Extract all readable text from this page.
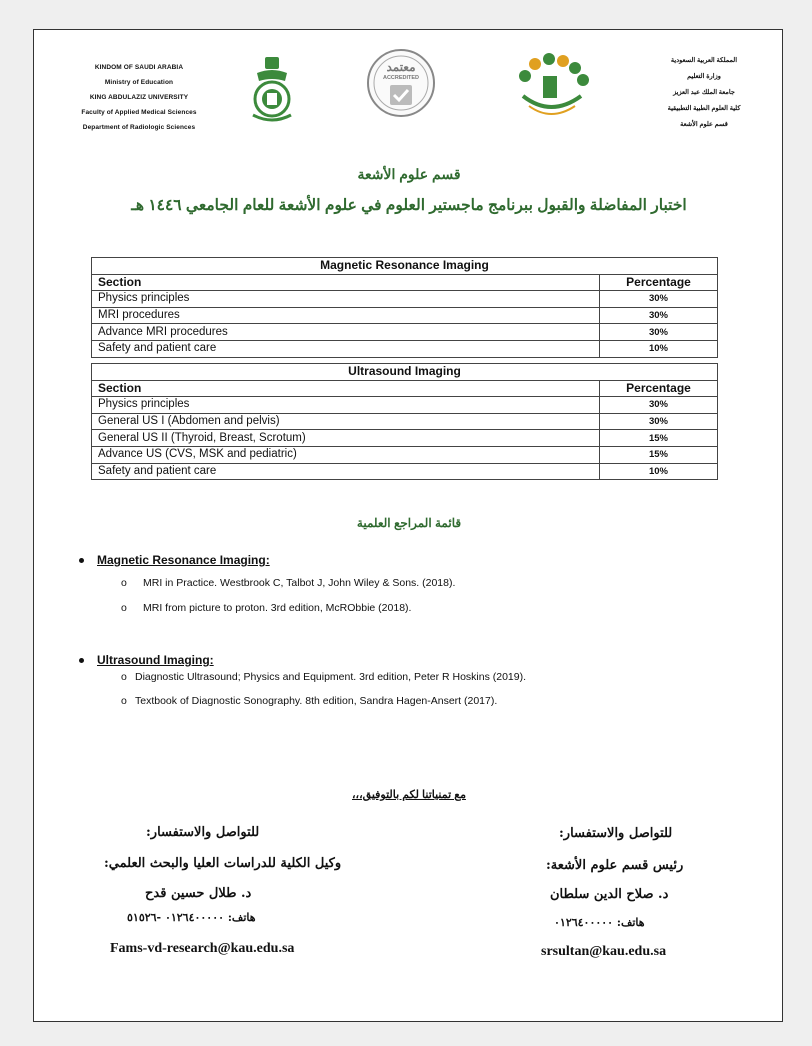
KINDOM OF SAUDI ARABIA
Ministry of Education
KING ABDULAZIZ UNIVERSITY
Faculty of Applied Medical Sciences
Department of Radiologic Sciences
معتمد
ACCREDITED
المملكة العربية السعودية
وزارة التعليم
جامعة الملك عبد العزيز
كلية العلوم الطبية التطبيقية
قسم علوم الأشعة
قسم علوم الأشعة
اختبار المفاضلة والقبول ببرنامج ماجستير العلوم في علوم الأشعة للعام الجامعي ١٤٤٦ هـ
Magnetic Resonance Imaging	
Section	Percentage
Physics principles	30%
MRI procedures	30%
Advance MRI procedures	30%
Safety and patient care	10%
Ultrasound Imaging	
Section	Percentage
Physics principles	30%
General US I (Abdomen and pelvis)	30%
General US II (Thyroid, Breast, Scrotum)	15%
Advance US (CVS, MSK and pediatric)	15%
Safety and patient care	10%
قائمة المراجع العلمية
Magnetic Resonance Imaging:
o MRI in Practice. Westbrook C, Talbot J, John Wiley & Sons. (2018).
o MRI from picture to proton. 3rd edition, McRObbie (2018).
Ultrasound Imaging:
o Diagnostic Ultrasound; Physics and Equipment. 3rd edition, Peter R Hoskins (2019).
o Textbook of Diagnostic Sonography. 8th edition, Sandra Hagen-Ansert (2017).
مع تمنياتنا لكم بالتوفيق،،،
للتواصل والاستفسار:
وكيل الكلية للدراسات العليا والبحث العلمي:
د. طلال حسين قدح
هاتف: ٠١٢٦٤٠٠٠٠٠ -٥١٥٢٦
Fams-vd-research@kau.edu.sa
للتواصل والاستفسار:
رئيس قسم علوم الأشعة:
د. صلاح الدين سلطان
هاتف: ٠١٢٦٤٠٠٠٠٠
srsultan@kau.edu.sa
